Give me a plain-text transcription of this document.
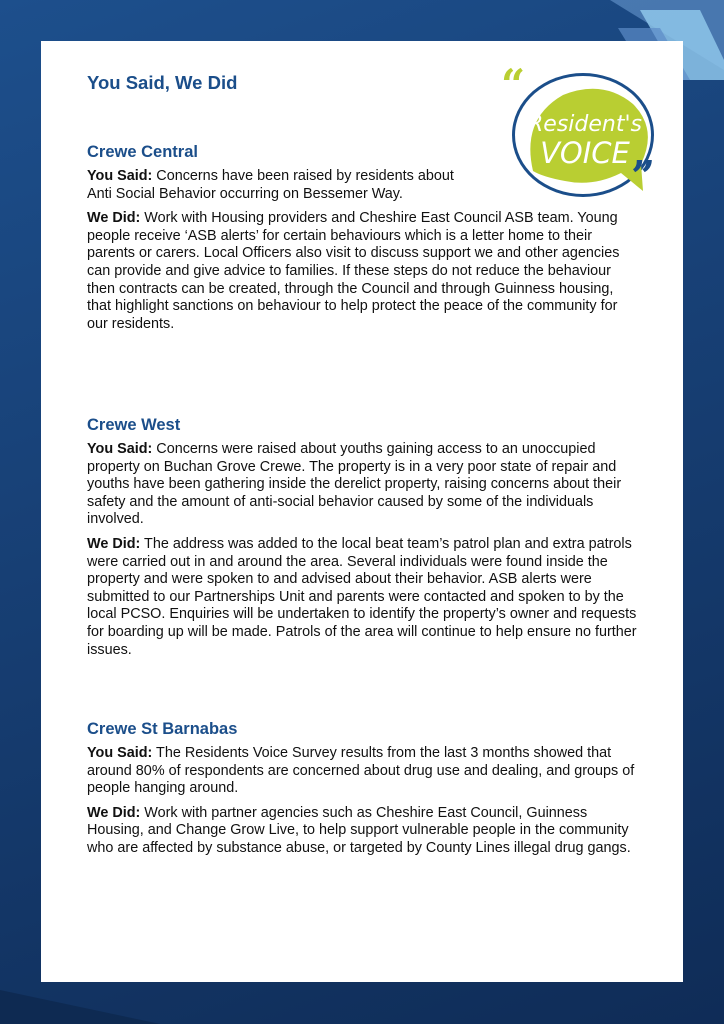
You Said, We Did	“
”
Resident's
VOICE
Crewe Central

You Said: Concerns have been raised by residents about Anti Social Behavior occurring on Bessemer Way.

We Did: Work with Housing providers and Cheshire East Council ASB team. Young people receive ‘ASB alerts’ for certain behaviours which is a letter home to their parents or carers. Local Officers also visit to discuss support we and other agencies can provide and give advice to families. If these steps do not reduce the behaviour then contracts can be created, through the Council and through Guinness housing, that highlight sanctions on behaviour to help protect the peace of the community for our residents.

Crewe West

You Said: Concerns were raised about youths gaining access to an unoccupied property on Buchan Grove Crewe. The property is in a very poor state of repair and youths have been gathering inside the derelict property, raising concerns about their safety and the amount of anti-social behavior caused by some of the individuals involved.

We Did: The address was added to the local beat team’s patrol plan and extra patrols were carried out in and around the area. Several individuals were found inside the property and were spoken to and advised about their behavior. ASB alerts were submitted to our Partnerships Unit and parents were contacted and spoken to by the local PCSO. Enquiries will be undertaken to identify the property’s owner and requests for boarding up will be made. Patrols of the area will continue to help ensure no further issues.

Crewe St Barnabas

You Said: The Residents Voice Survey results from the last 3 months showed that around 80% of respondents are concerned about drug use and dealing, and groups of people hanging around.

We Did: Work with partner agencies such as Cheshire East Council, Guinness Housing, and Change Grow Live, to help support vulnerable people in the community who are affected by substance abuse, or targeted by County Lines illegal drug gangs.
